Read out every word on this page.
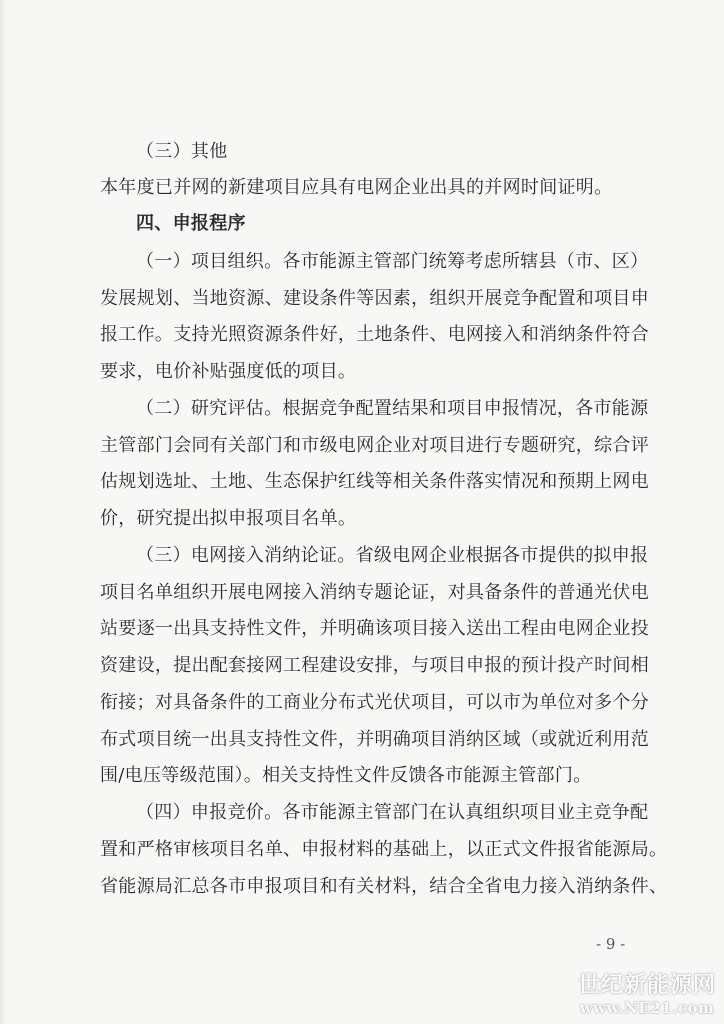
（三）其他
本年度已并网的新建项目应具有电网企业出具的并网时间证明。
四、申报程序
（一）项目组织。各市能源主管部门统筹考虑所辖县（市、区）
发展规划、当地资源、建设条件等因素，组织开展竞争配置和项目申
报工作。支持光照资源条件好，土地条件、电网接入和消纳条件符合
要求，电价补贴强度低的项目。
（二）研究评估。根据竞争配置结果和项目申报情况，各市能源
主管部门会同有关部门和市级电网企业对项目进行专题研究，综合评
估规划选址、土地、生态保护红线等相关条件落实情况和预期上网电
价，研究提出拟申报项目名单。
（三）电网接入消纳论证。省级电网企业根据各市提供的拟申报
项目名单组织开展电网接入消纳专题论证，对具备条件的普通光伏电
站要逐一出具支持性文件，并明确该项目接入送出工程由电网企业投
资建设，提出配套接网工程建设安排，与项目申报的预计投产时间相
衔接；对具备条件的工商业分布式光伏项目，可以市为单位对多个分
布式项目统一出具支持性文件，并明确项目消纳区域（或就近利用范
围/电压等级范围）。相关支持性文件反馈各市能源主管部门。
（四）申报竞价。各市能源主管部门在认真组织项目业主竞争配
置和严格审核项目名单、申报材料的基础上，以正式文件报省能源局。
省能源局汇总各市申报项目和有关材料，结合全省电力接入消纳条件、
- 9 -
世纪新能源网
www.NE21.com
